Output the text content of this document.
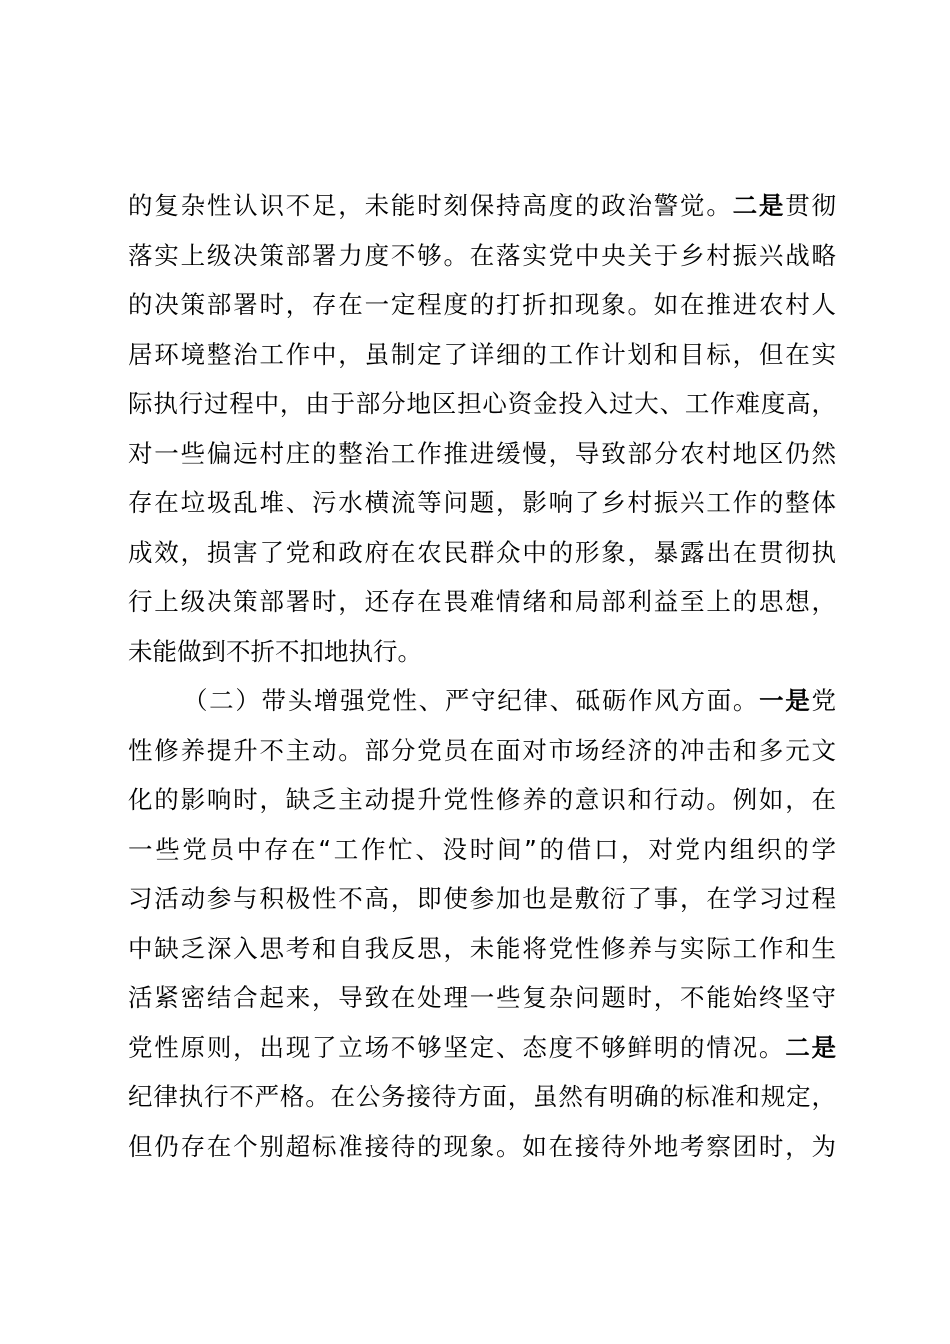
的复杂性认识不足，未能时刻保持高度的政治警觉。二是贯彻
落实上级决策部署力度不够。在落实党中央关于乡村振兴战略
的决策部署时，存在一定程度的打折扣现象。如在推进农村人
居环境整治工作中，虽制定了详细的工作计划和目标，但在实
际执行过程中，由于部分地区担心资金投入过大、工作难度高，
对一些偏远村庄的整治工作推进缓慢，导致部分农村地区仍然
存在垃圾乱堆、污水横流等问题，影响了乡村振兴工作的整体
成效，损害了党和政府在农民群众中的形象，暴露出在贯彻执
行上级决策部署时，还存在畏难情绪和局部利益至上的思想，
未能做到不折不扣地执行。
（二）带头增强党性、严守纪律、砥砺作风方面。一是党
性修养提升不主动。部分党员在面对市场经济的冲击和多元文
化的影响时，缺乏主动提升党性修养的意识和行动。例如，在
一些党员中存在“工作忙、没时间”的借口，对党内组织的学
习活动参与积极性不高，即使参加也是敷衍了事，在学习过程
中缺乏深入思考和自我反思，未能将党性修养与实际工作和生
活紧密结合起来，导致在处理一些复杂问题时，不能始终坚守
党性原则，出现了立场不够坚定、态度不够鲜明的情况。二是
纪律执行不严格。在公务接待方面，虽然有明确的标准和规定，
但仍存在个别超标准接待的现象。如在接待外地考察团时，为
